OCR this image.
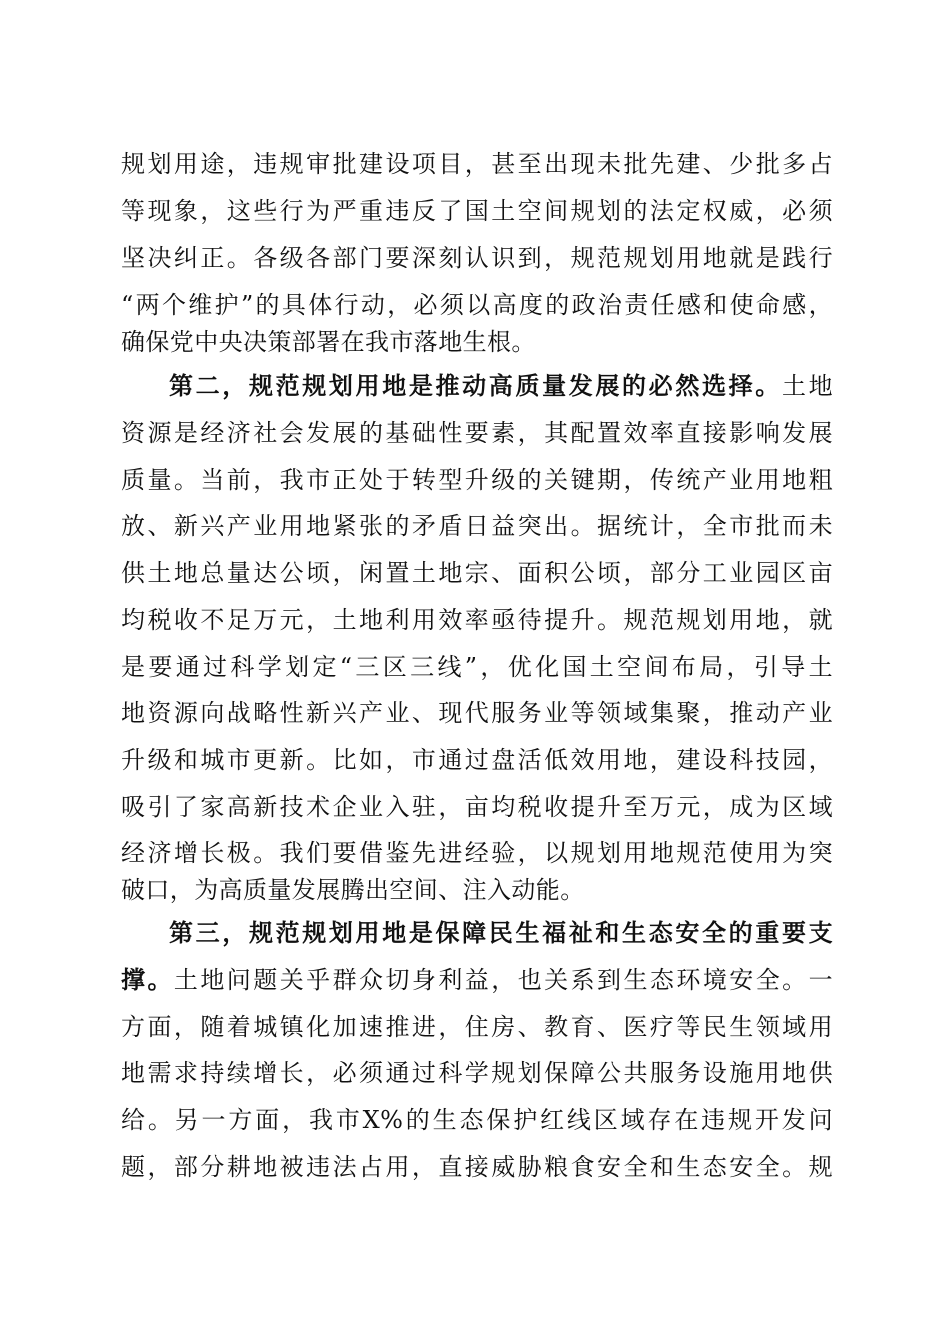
规划用途，违规审批建设项目，甚至出现未批先建、少批多占
等现象，这些行为严重违反了国土空间规划的法定权威，必须
坚决纠正。各级各部门要深刻认识到，规范规划用地就是践行
“两个维护”的具体行动，必须以高度的政治责任感和使命感，
确保党中央决策部署在我市落地生根。
第二，规范规划用地是推动高质量发展的必然选择。土地
资源是经济社会发展的基础性要素，其配置效率直接影响发展
质量。当前，我市正处于转型升级的关键期，传统产业用地粗
放、新兴产业用地紧张的矛盾日益突出。据统计，全市批而未
供土地总量达公顷，闲置土地宗、面积公顷，部分工业园区亩
均税收不足万元，土地利用效率亟待提升。规范规划用地，就
是要通过科学划定“三区三线”，优化国土空间布局，引导土
地资源向战略性新兴产业、现代服务业等领域集聚，推动产业
升级和城市更新。比如，市通过盘活低效用地，建设科技园，
吸引了家高新技术企业入驻，亩均税收提升至万元，成为区域
经济增长极。我们要借鉴先进经验，以规划用地规范使用为突
破口，为高质量发展腾出空间、注入动能。
第三，规范规划用地是保障民生福祉和生态安全的重要支
撑。土地问题关乎群众切身利益，也关系到生态环境安全。一
方面，随着城镇化加速推进，住房、教育、医疗等民生领域用
地需求持续增长，必须通过科学规划保障公共服务设施用地供
给。另一方面，我市X%的生态保护红线区域存在违规开发问
题，部分耕地被违法占用，直接威胁粮食安全和生态安全。规
